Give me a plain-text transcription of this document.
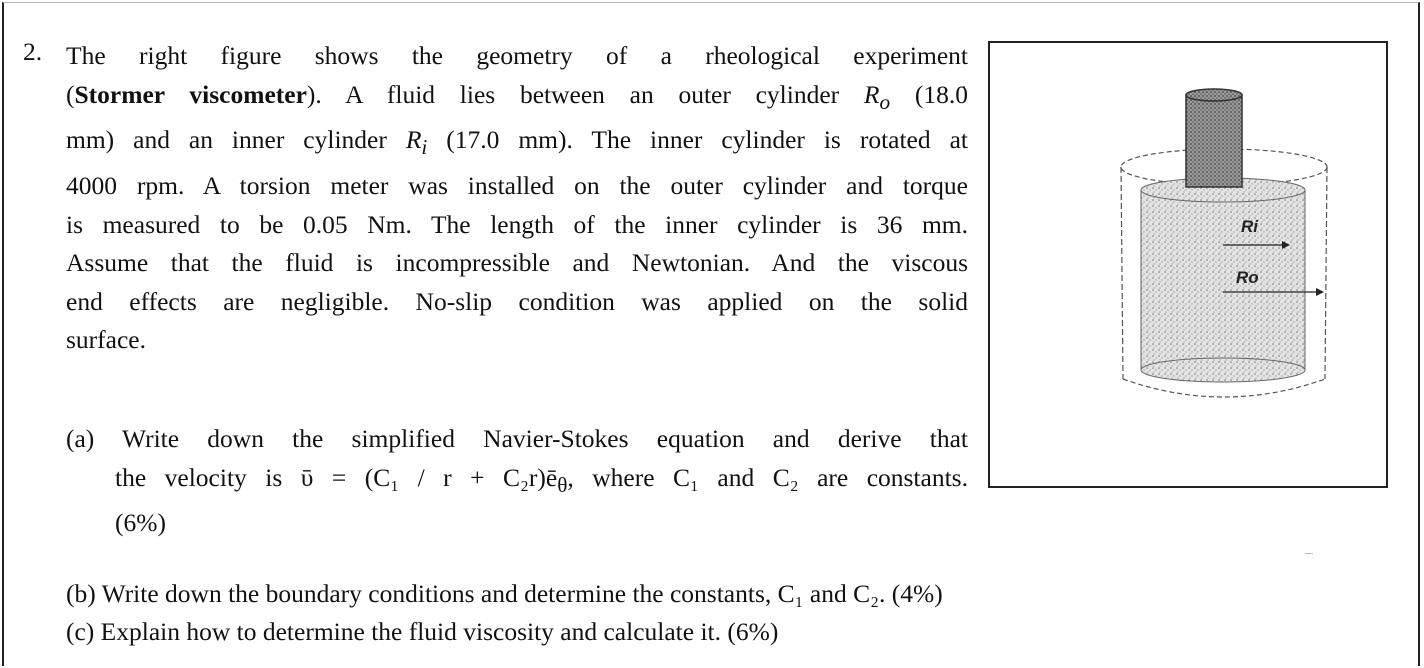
2. The right figure shows the geometry of a rheological experiment
(Stormer viscometer). A fluid lies between an outer cylinder $R_o$ (18.0
mm) and an inner cylinder $R_i$ (17.0 mm). The inner cylinder is rotated at
4000 rpm. A torsion meter was installed on the outer cylinder and torque
is measured to be 0.05 Nm. The length of the inner cylinder is 36 mm.
Assume that the fluid is incompressible and Newtonian. And the viscous
end effects are negligible. No-slip condition was applied on the solid
surface.
(a) Write down the simplified Navier-Stokes equation and derive that
the velocity is ῡ = $(C_1 / r + C_2r)ē_\theta$, where C₁ and C₂ are constants.
(6%)
(b) Write down the boundary conditions and determine the constants, C₁ and C₂. (4%)
(c) Explain how to determine the fluid viscosity and calculate it. (6%)
Ri
Ro
